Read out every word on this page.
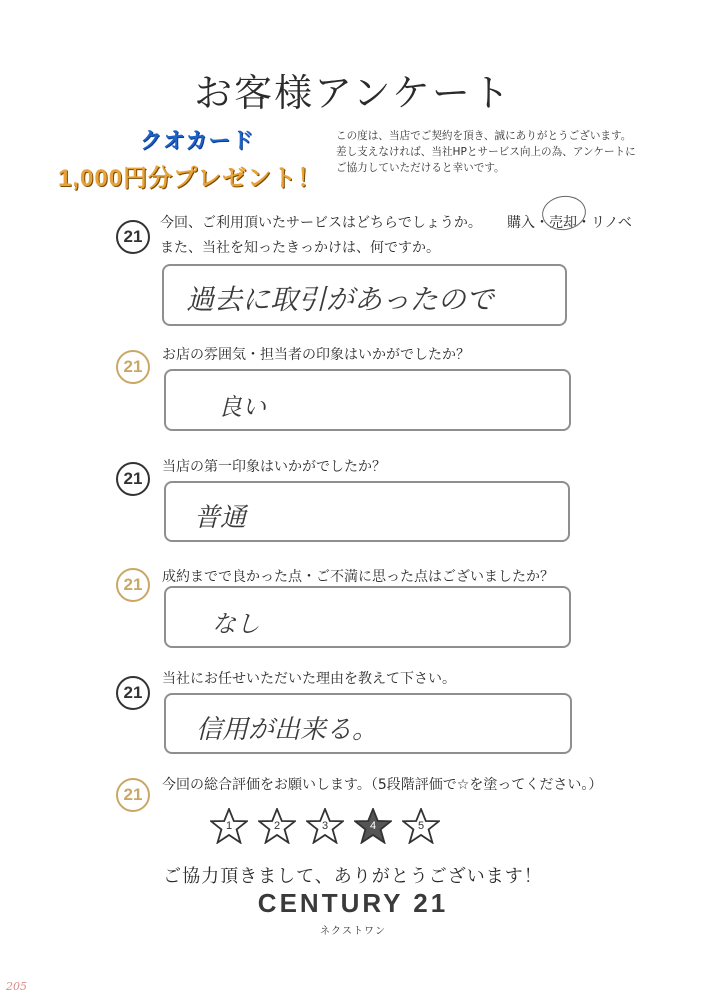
お客様アンケート
クオカード
1,000円分プレゼント！
この度は、当店でご契約を頂き、誠にありがとうございます。
差し支えなければ、当社HPとサービス向上の為、アンケートに
ご協力していただけると幸いです。
21
今回、ご利用頂いたサービスはどちらでしょうか。 購入・売却・リノベ
また、当社を知ったきっかけは、何ですか。
過去に取引があったので
21
お店の雰囲気・担当者の印象はいかがでしたか？
良い
21
当店の第一印象はいかがでしたか？
普通
21	成約までで良かった点・ご不満に思った点はございましたか？
なし
21
当社にお任せいただいた理由を教えて下さい。
信用が出来る。
21	今回の総合評価をお願いします。（5段階評価で☆を塗ってください。）
1	2	3	4	5
ご協力頂きまして、ありがとうございます！
CENTURY 21
ネクストワン
205
